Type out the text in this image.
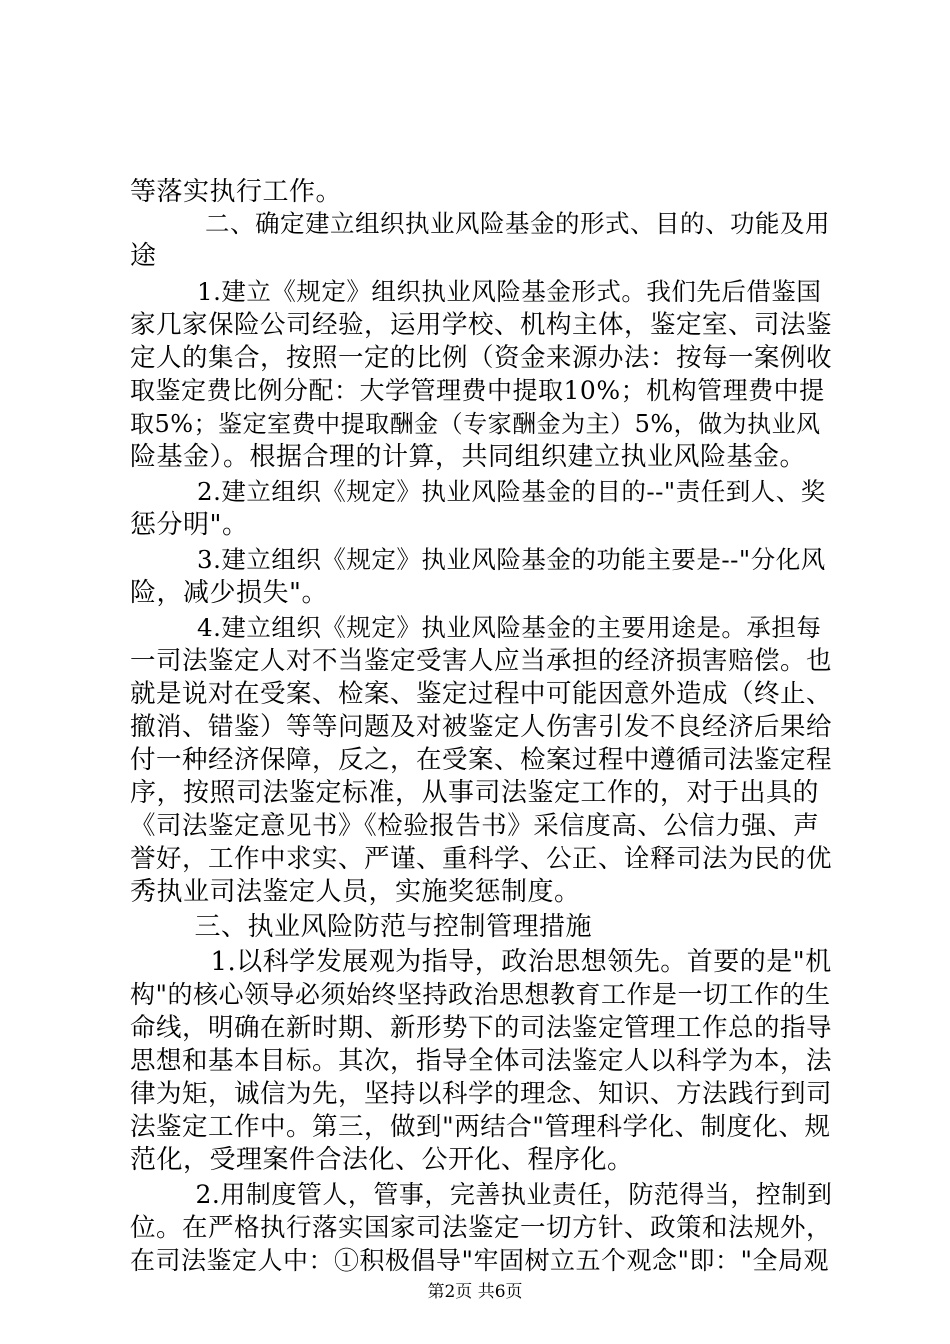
等落实执行工作。
　二、确定建立组织执业风险基金的形式、目的、功能及用
途
　1.建立《规定》组织执业风险基金形式。我们先后借鉴国
家几家保险公司经验，运用学校、机构主体，鉴定室、司法鉴
定人的集合，按照一定的比例（资金来源办法：按每一案例收
取鉴定费比例分配：大学管理费中提取10%；机构管理费中提
取5%；鉴定室费中提取酬金（专家酬金为主）5%，做为执业风
险基金）。根据合理的计算，共同组织建立执业风险基金。
　2.建立组织《规定》执业风险基金的目的--"责任到人、奖
惩分明"。
　3.建立组织《规定》执业风险基金的功能主要是--"分化风
险，减少损失"。
　4.建立组织《规定》执业风险基金的主要用途是。承担每
一司法鉴定人对不当鉴定受害人应当承担的经济损害赔偿。也
就是说对在受案、检案、鉴定过程中可能因意外造成（终止、
撤消、错鉴）等等问题及对被鉴定人伤害引发不良经济后果给
付一种经济保障，反之，在受案、检案过程中遵循司法鉴定程
序，按照司法鉴定标准，从事司法鉴定工作的，对于出具的
《司法鉴定意见书》《检验报告书》采信度高、公信力强、声
誉好，工作中求实、严谨、重科学、公正、诠释司法为民的优
秀执业司法鉴定人员，实施奖惩制度。
　三、执业风险防范与控制管理措施
　1.以科学发展观为指导，政治思想领先。首要的是"机
构"的核心领导必须始终坚持政治思想教育工作是一切工作的生
命线，明确在新时期、新形势下的司法鉴定管理工作总的指导
思想和基本目标。其次，指导全体司法鉴定人以科学为本，法
律为矩，诚信为先，坚持以科学的理念、知识、方法践行到司
法鉴定工作中。第三，做到"两结合"管理科学化、制度化、规
范化，受理案件合法化、公开化、程序化。
　2.用制度管人，管事，完善执业责任，防范得当，控制到
位。在严格执行落实国家司法鉴定一切方针、政策和法规外，
在司法鉴定人中：①积极倡导"牢固树立五个观念"即："全局观
第2页 共6页
